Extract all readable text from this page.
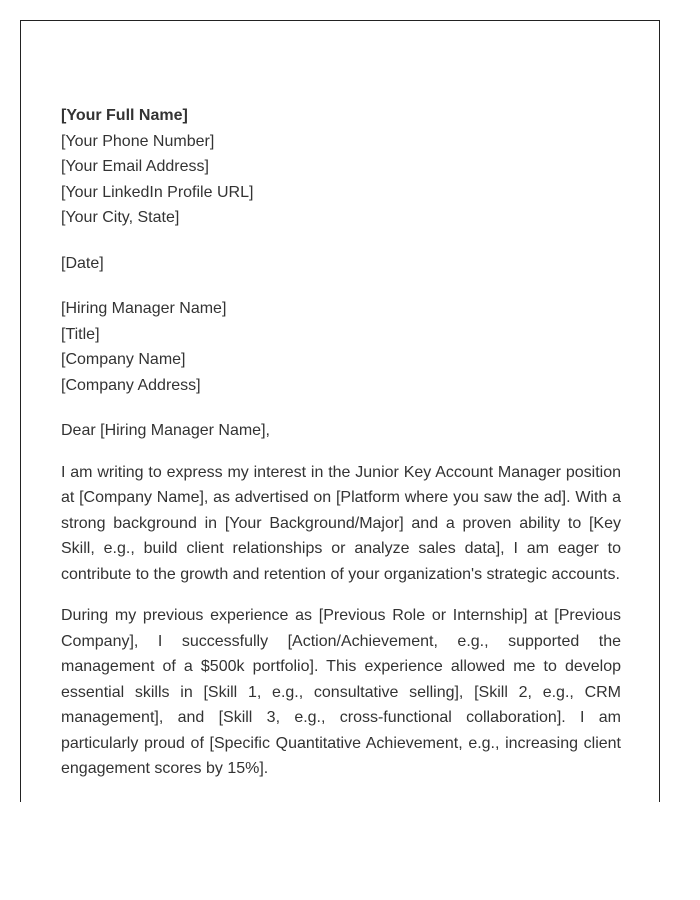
[Your Full Name]
[Your Phone Number]
[Your Email Address]
[Your LinkedIn Profile URL]
[Your City, State]
[Date]
[Hiring Manager Name]
[Title]
[Company Name]
[Company Address]
Dear [Hiring Manager Name],

I am writing to express my interest in the Junior Key Account Manager position at [Company Name], as advertised on [Platform where you saw the ad]. With a strong background in [Your Background/Major] and a proven ability to [Key Skill, e.g., build client relationships or analyze sales data], I am eager to contribute to the growth and retention of your organization's strategic accounts.

During my previous experience as [Previous Role or Internship] at [Previous Company], I successfully [Action/Achievement, e.g., supported the management of a $500k portfolio]. This experience allowed me to develop essential skills in [Skill 1, e.g., consultative selling], [Skill 2, e.g., CRM management], and [Skill 3, e.g., cross-functional collaboration]. I am particularly proud of [Specific Quantitative Achievement, e.g., increasing client engagement scores by 15%].
